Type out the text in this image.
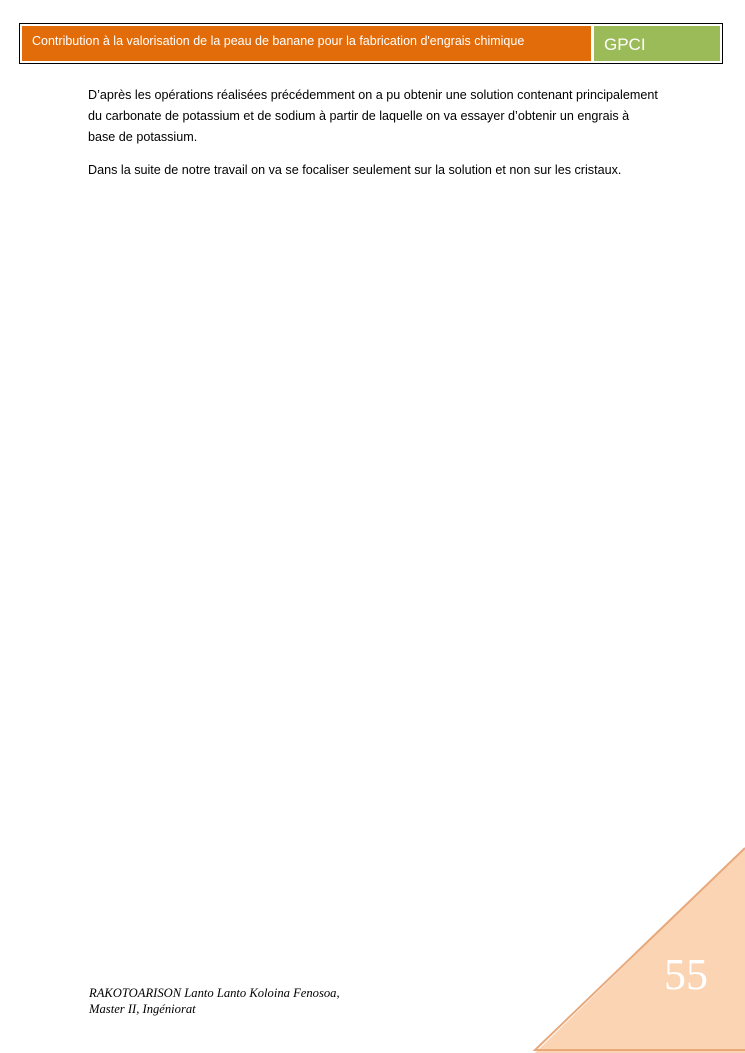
Contribution à la valorisation de la peau de banane pour la fabrication d'engrais chimique	GPCI

D’après les opérations réalisées précédemment on a pu obtenir une solution contenant principalement du carbonate de potassium et de sodium à partir de laquelle on va essayer d’obtenir un engrais à base de potassium.

Dans la suite de notre travail on va se focaliser seulement sur la solution et non sur les cristaux.

RAKOTOARISON Lanto Lanto Koloina Fenosoa,
Master II, Ingéniorat
55
